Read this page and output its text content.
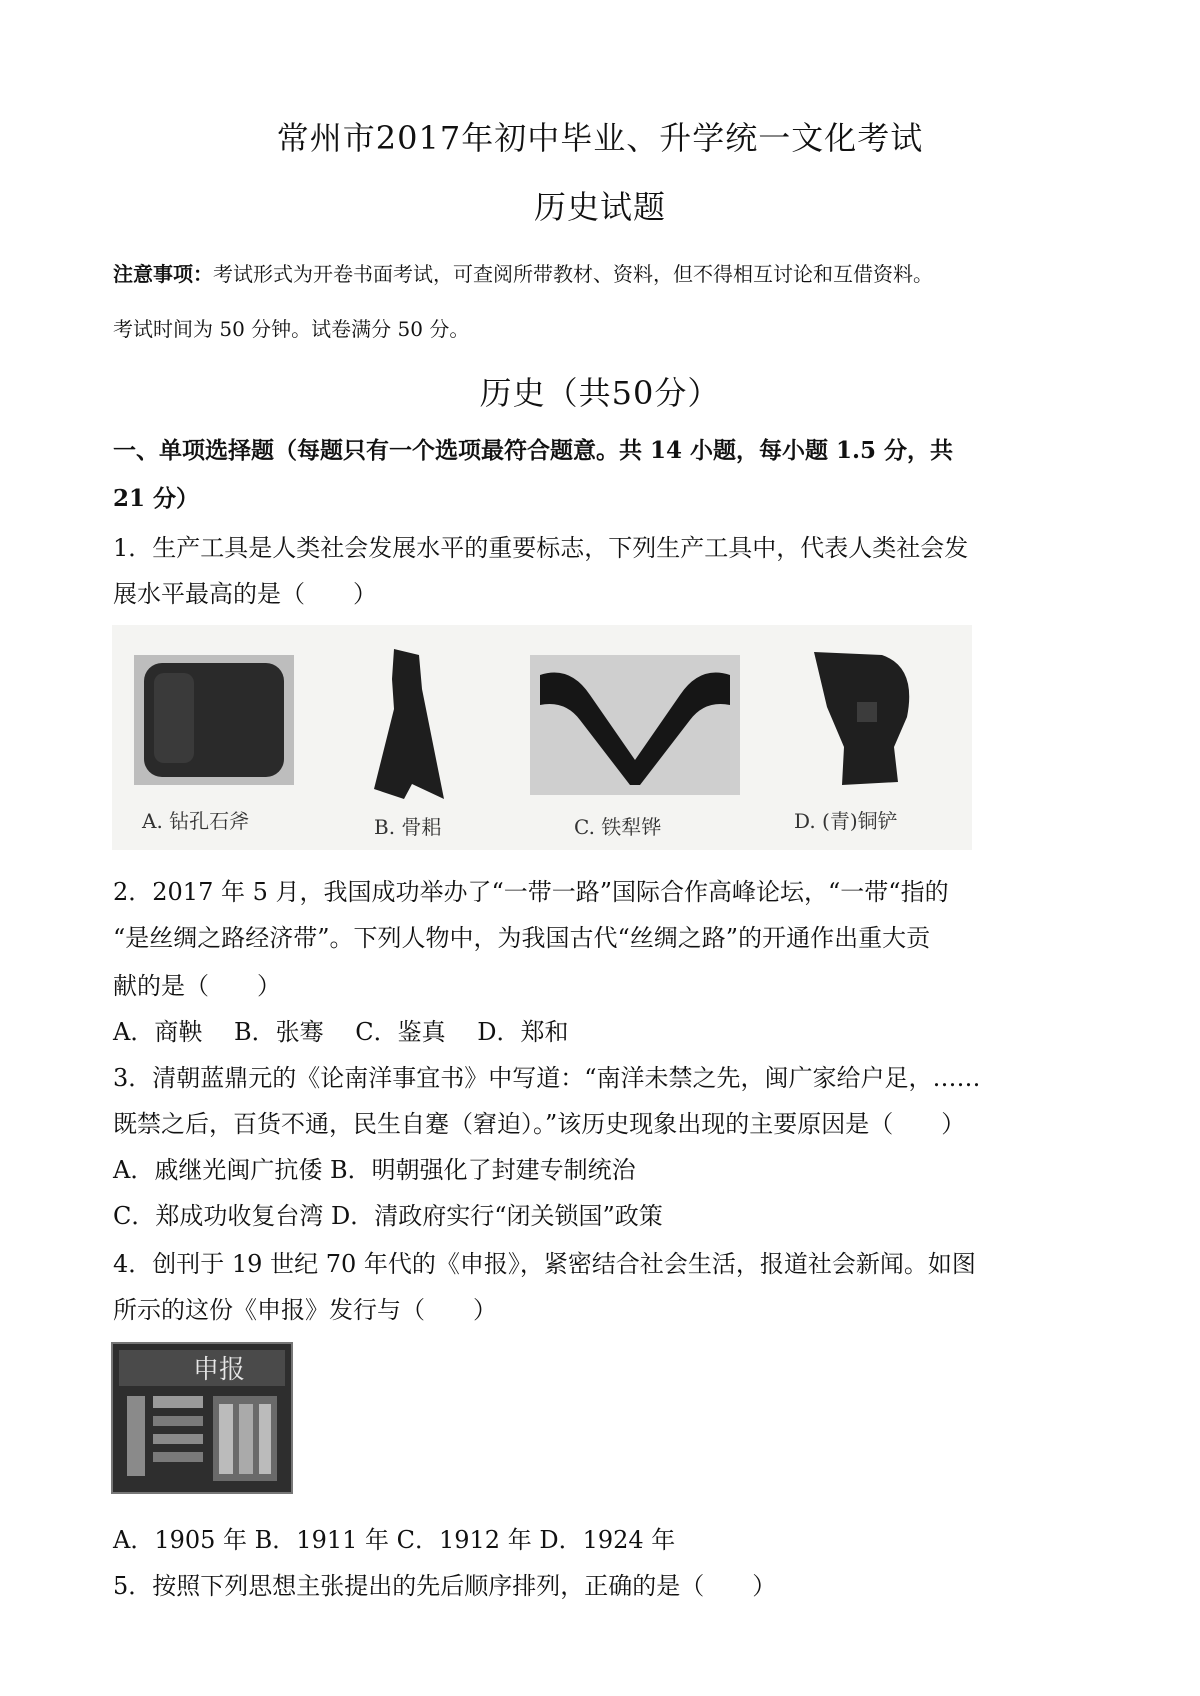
常州市2017年初中毕业、升学统一文化考试
历史试题
注意事项：考试形式为开卷书面考试，可查阅所带教材、资料，但不得相互讨论和互借资料。
考试时间为 50 分钟。试卷满分 50 分。
历史（共50分）
一、单项选择题（每题只有一个选项最符合题意。共 14 小题，每小题 1.5 分，共
21 分）
1．生产工具是人类社会发展水平的重要标志，下列生产工具中，代表人类社会发
展水平最高的是（　　）
A. 钻孔石斧	B. 骨耜	C. 铁犁铧	D. (青)铜铲
2．2017 年 5 月，我国成功举办了“一带一路”国际合作高峰论坛，“一带“指的
“是丝绸之路经济带”。下列人物中，为我国古代“丝绸之路”的开通作出重大贡
献的是（　　）
A．商鞅　 B．张骞　 C．鉴真　 D．郑和
3．清朝蓝鼎元的《论南洋事宜书》中写道：“南洋未禁之先，闽广家给户足，……
既禁之后，百货不通，民生自蹇（窘迫）。”该历史现象出现的主要原因是（　　）
A．戚继光闽广抗倭 B．明朝强化了封建专制统治
C．郑成功收复台湾 D．清政府实行“闭关锁国”政策
4．创刊于 19 世纪 70 年代的《申报》，紧密结合社会生活，报道社会新闻。如图
所示的这份《申报》发行与（　　）
申报
A．1905 年 B．1911 年 C．1912 年 D．1924 年
5．按照下列思想主张提出的先后顺序排列，正确的是（　　）
